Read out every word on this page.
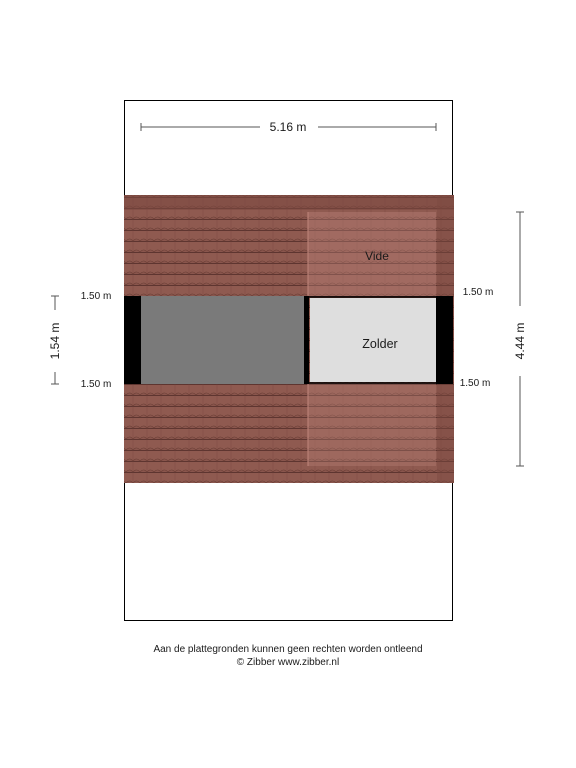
Vide
Zolder
5.16 m
4.44 m
1.54 m
1.50 m
1.50 m
1.50 m
1.50 m
Aan de plattegronden kunnen geen rechten worden ontleend
© Zibber www.zibber.nl
